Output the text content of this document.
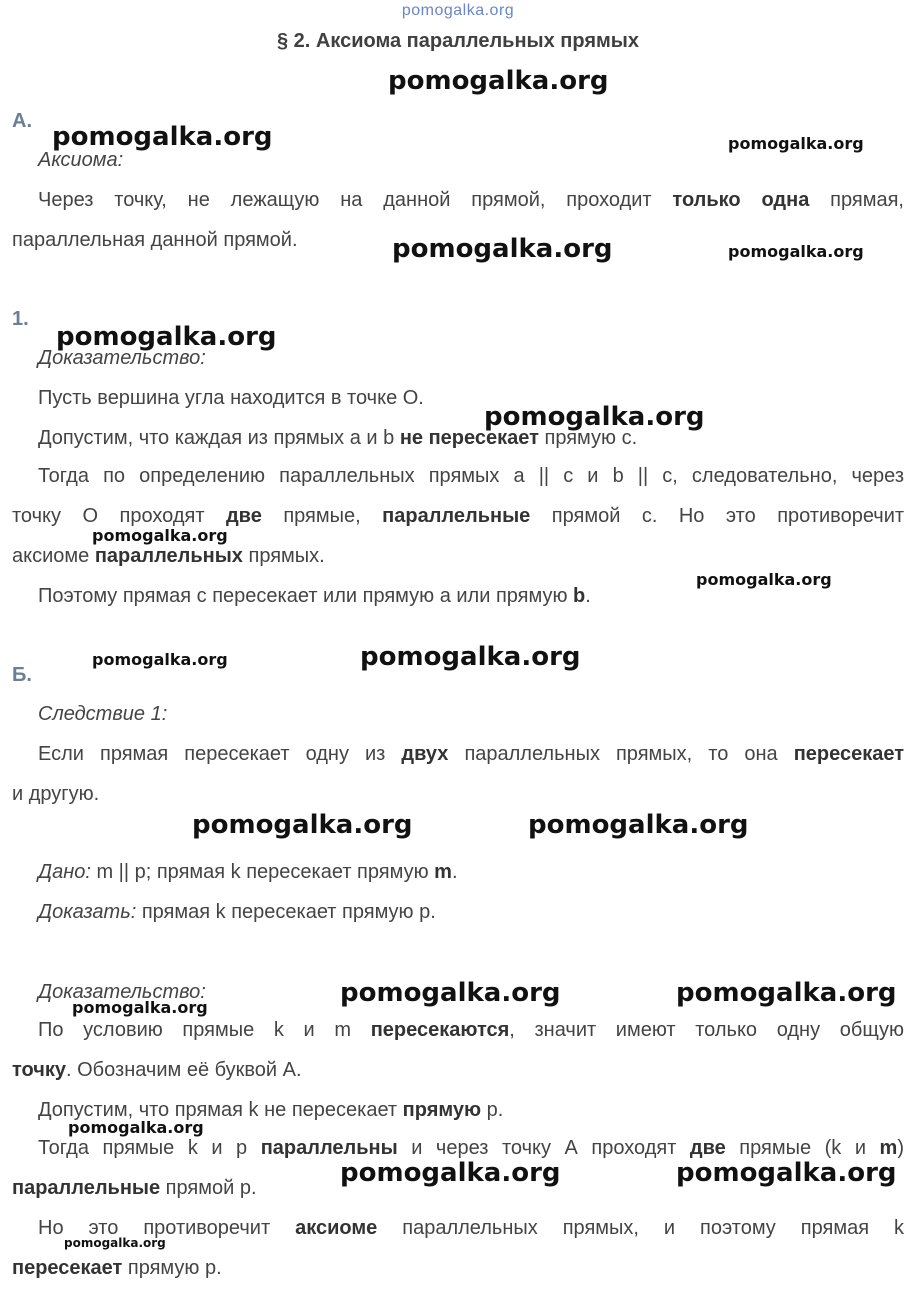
pomogalka.org
§ 2. Аксиома параллельных прямых
А.
Аксиома:
Через точку, не лежащую на данной прямой, проходит только одна прямая,
параллельная данной прямой.
1.
Доказательство:
Пусть вершина угла находится в точке О.
Допустим, что каждая из прямых a и b не пересекает прямую с.
Тогда по определению параллельных прямых a || c и b || c, следовательно, через
точку О проходят две прямые, параллельные прямой с. Но это противоречит
аксиоме параллельных прямых.
Поэтому прямая с пересекает или прямую a или прямую b.
Б.
Следствие 1:
Если прямая пересекает одну из двух параллельных прямых, то она пересекает
и другую.
Дано: m || p; прямая k пересекает прямую m.
Доказать: прямая k пересекает прямую р.
Доказательство:
По условию прямые k и m пересекаются, значит имеют только одну общую
точку. Обозначим её буквой А.
Допустим, что прямая k не пересекает прямую р.
Тогда прямые k и р параллельны и через точку А проходят две прямые (k и m)
параллельные прямой р.
Но это противоречит аксиоме параллельных прямых, и поэтому прямая k
пересекает прямую р.
pomogalka.org
pomogalka.org	pomogalka.org
pomogalka.org	pomogalka.org
pomogalka.org
pomogalka.org
pomogalka.org
pomogalka.org
pomogalka.org	pomogalka.org
pomogalka.org	pomogalka.org
pomogalka.org	pomogalka.org
pomogalka.org
pomogalka.org
pomogalka.org	pomogalka.org
pomogalka.org
